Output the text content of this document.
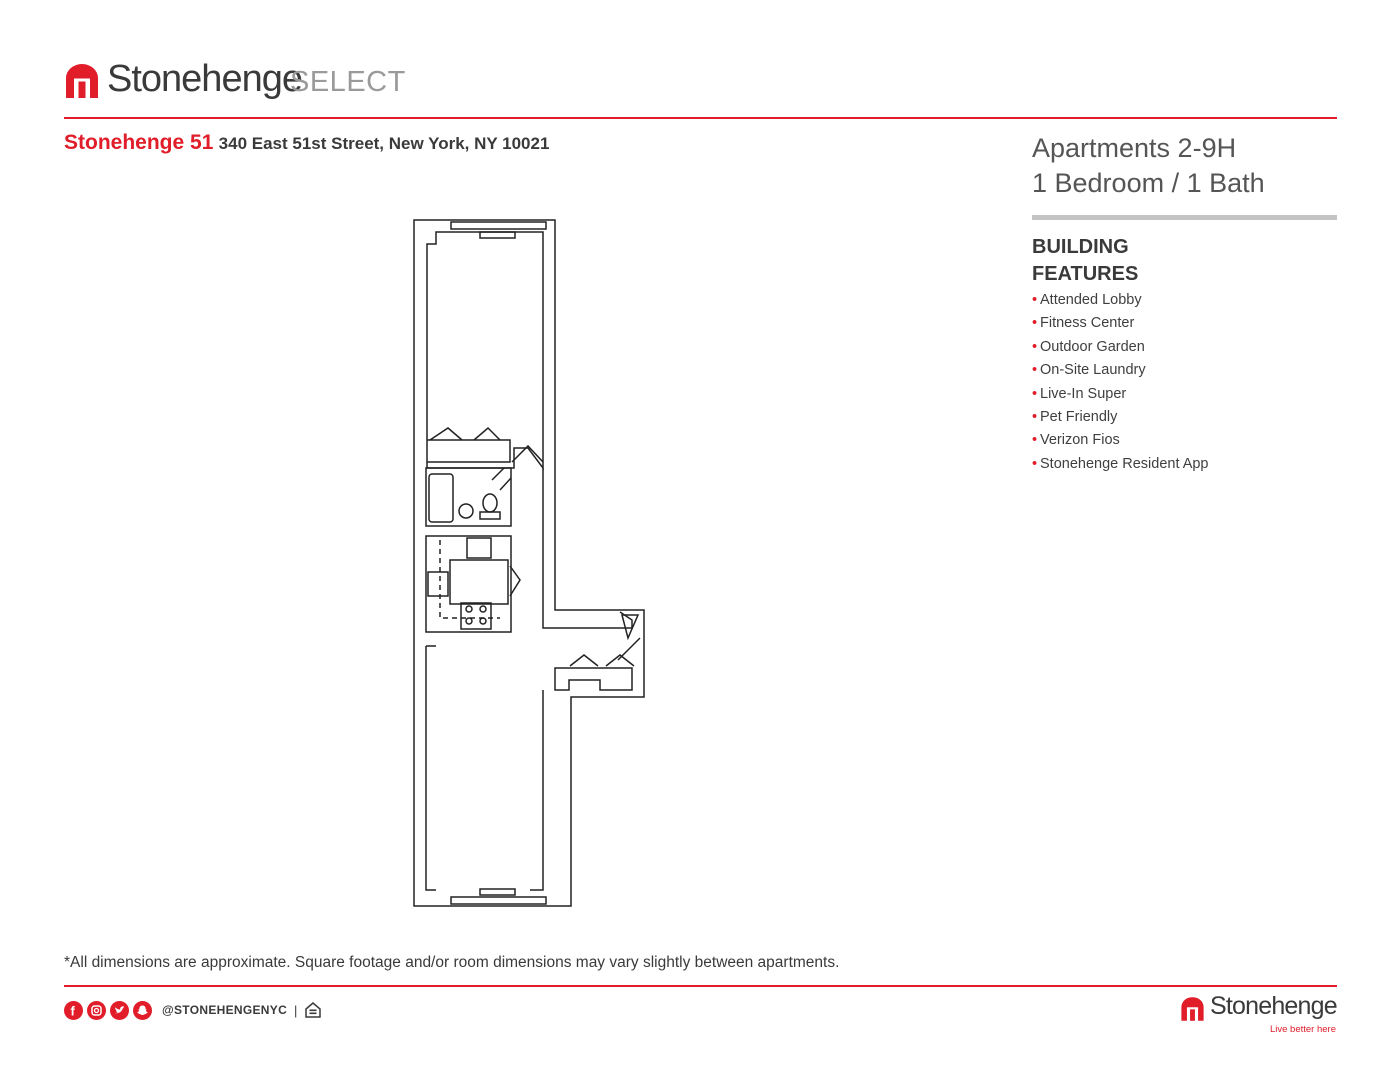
Stonehenge
SELECT
Stonehenge 51 340 East 51st Street, New York, NY 10021	Apartments 2-9H
1 Bedroom / 1 Bath
BUILDING
FEATURES
• Attended Lobby
• Fitness Center
• Outdoor Garden
• On-Site Laundry
• Live-In Super
• Pet Friendly
• Verizon Fios
• Stonehenge Resident App
*All dimensions are approximate. Square footage and/or room dimensions may vary slightly between apartments.
f	@STONEHENGENYC |	Stonehenge
Live better here
